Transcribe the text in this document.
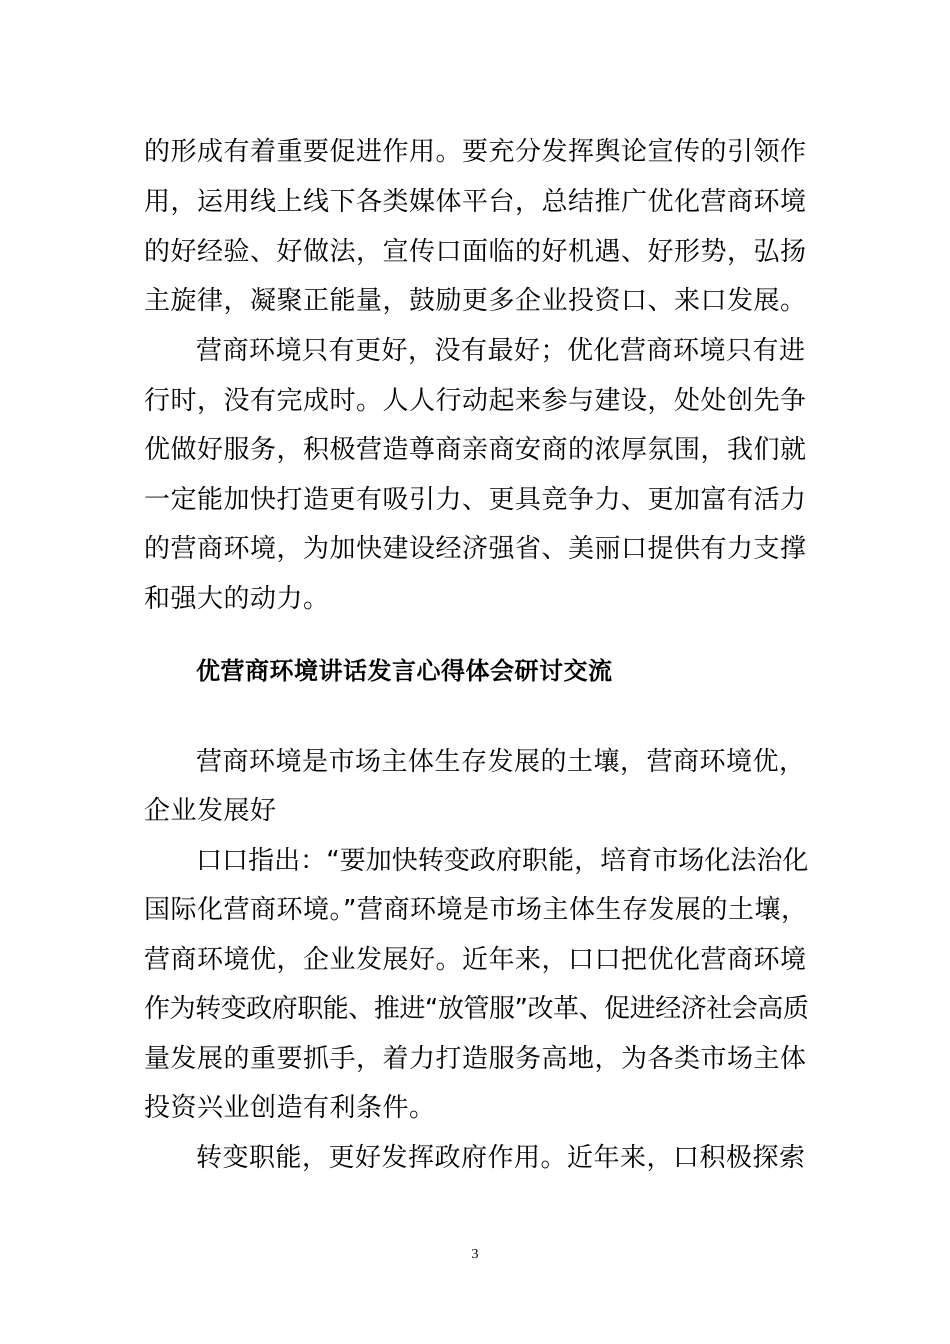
的形成有着重要促进作用。要充分发挥舆论宣传的引领作
用，运用线上线下各类媒体平台，总结推广优化营商环境
的好经验、好做法，宣传口面临的好机遇、好形势，弘扬
主旋律，凝聚正能量，鼓励更多企业投资口、来口发展。
营商环境只有更好，没有最好；优化营商环境只有进
行时，没有完成时。人人行动起来参与建设，处处创先争
优做好服务，积极营造尊商亲商安商的浓厚氛围，我们就
一定能加快打造更有吸引力、更具竞争力、更加富有活力
的营商环境，为加快建设经济强省、美丽口提供有力支撑
和强大的动力。
优营商环境讲话发言心得体会研讨交流
营商环境是市场主体生存发展的土壤，营商环境优，
企业发展好
口口指出：“要加快转变政府职能，培育市场化法治化
国际化营商环境。”营商环境是市场主体生存发展的土壤，
营商环境优，企业发展好。近年来，口口把优化营商环境
作为转变政府职能、推进“放管服”改革、促进经济社会高质
量发展的重要抓手，着力打造服务高地，为各类市场主体
投资兴业创造有利条件。
转变职能，更好发挥政府作用。近年来，口积极探索
3
